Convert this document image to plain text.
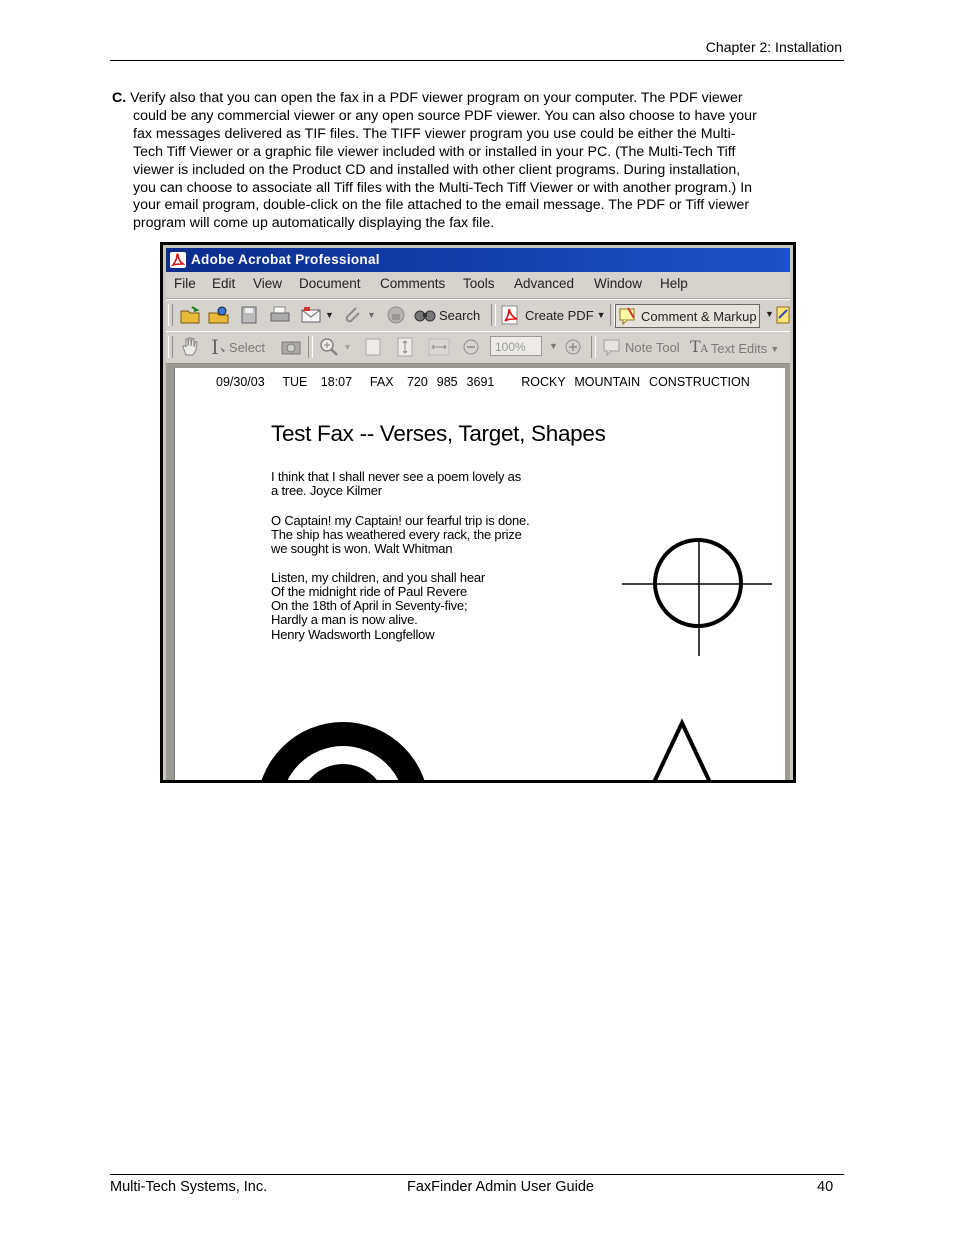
Chapter 2: Installation
C. Verify also that you can open the fax in a PDF viewer program on your computer. The PDF viewer
could be any commercial viewer or any open source PDF viewer. You can also choose to have your
fax messages delivered as TIF files. The TIFF viewer program you use could be either the Multi-
Tech Tiff Viewer or a graphic file viewer included with or installed in your PC. (The Multi-Tech Tiff
viewer is included on the Product CD and installed with other client programs. During installation,
you can choose to associate all Tiff files with the Multi-Tech Tiff Viewer or with another program.) In
your email program, double-click on the file attached to the email message. The PDF or Tiff viewer
program will come up automatically displaying the fax file.
Adobe Acrobat Professional
File Edit View Document Comments Tools Advanced Window Help
▼	▼	Search	Create PDF ▼	Comment & Markup ▼
I Select	▼	100%	▼	Note Tool TA Text Edits ▼
09/30/03    TUE   18:07    FAX   720  985  3691      ROCKY  MOUNTAIN  CONSTRUCTION
Test Fax -- Verses, Target, Shapes
I think that I shall never see a poem lovely as
a tree. Joyce Kilmer
O Captain! my Captain! our fearful trip is done.
The ship has weathered every rack, the prize
we sought is won. Walt Whitman
Listen, my children, and you shall hear
Of the midnight ride of Paul Revere
On the 18th of April in Seventy-five;
Hardly a man is now alive.
Henry Wadsworth Longfellow
Multi-Tech Systems, Inc.	FaxFinder Admin User Guide	40
